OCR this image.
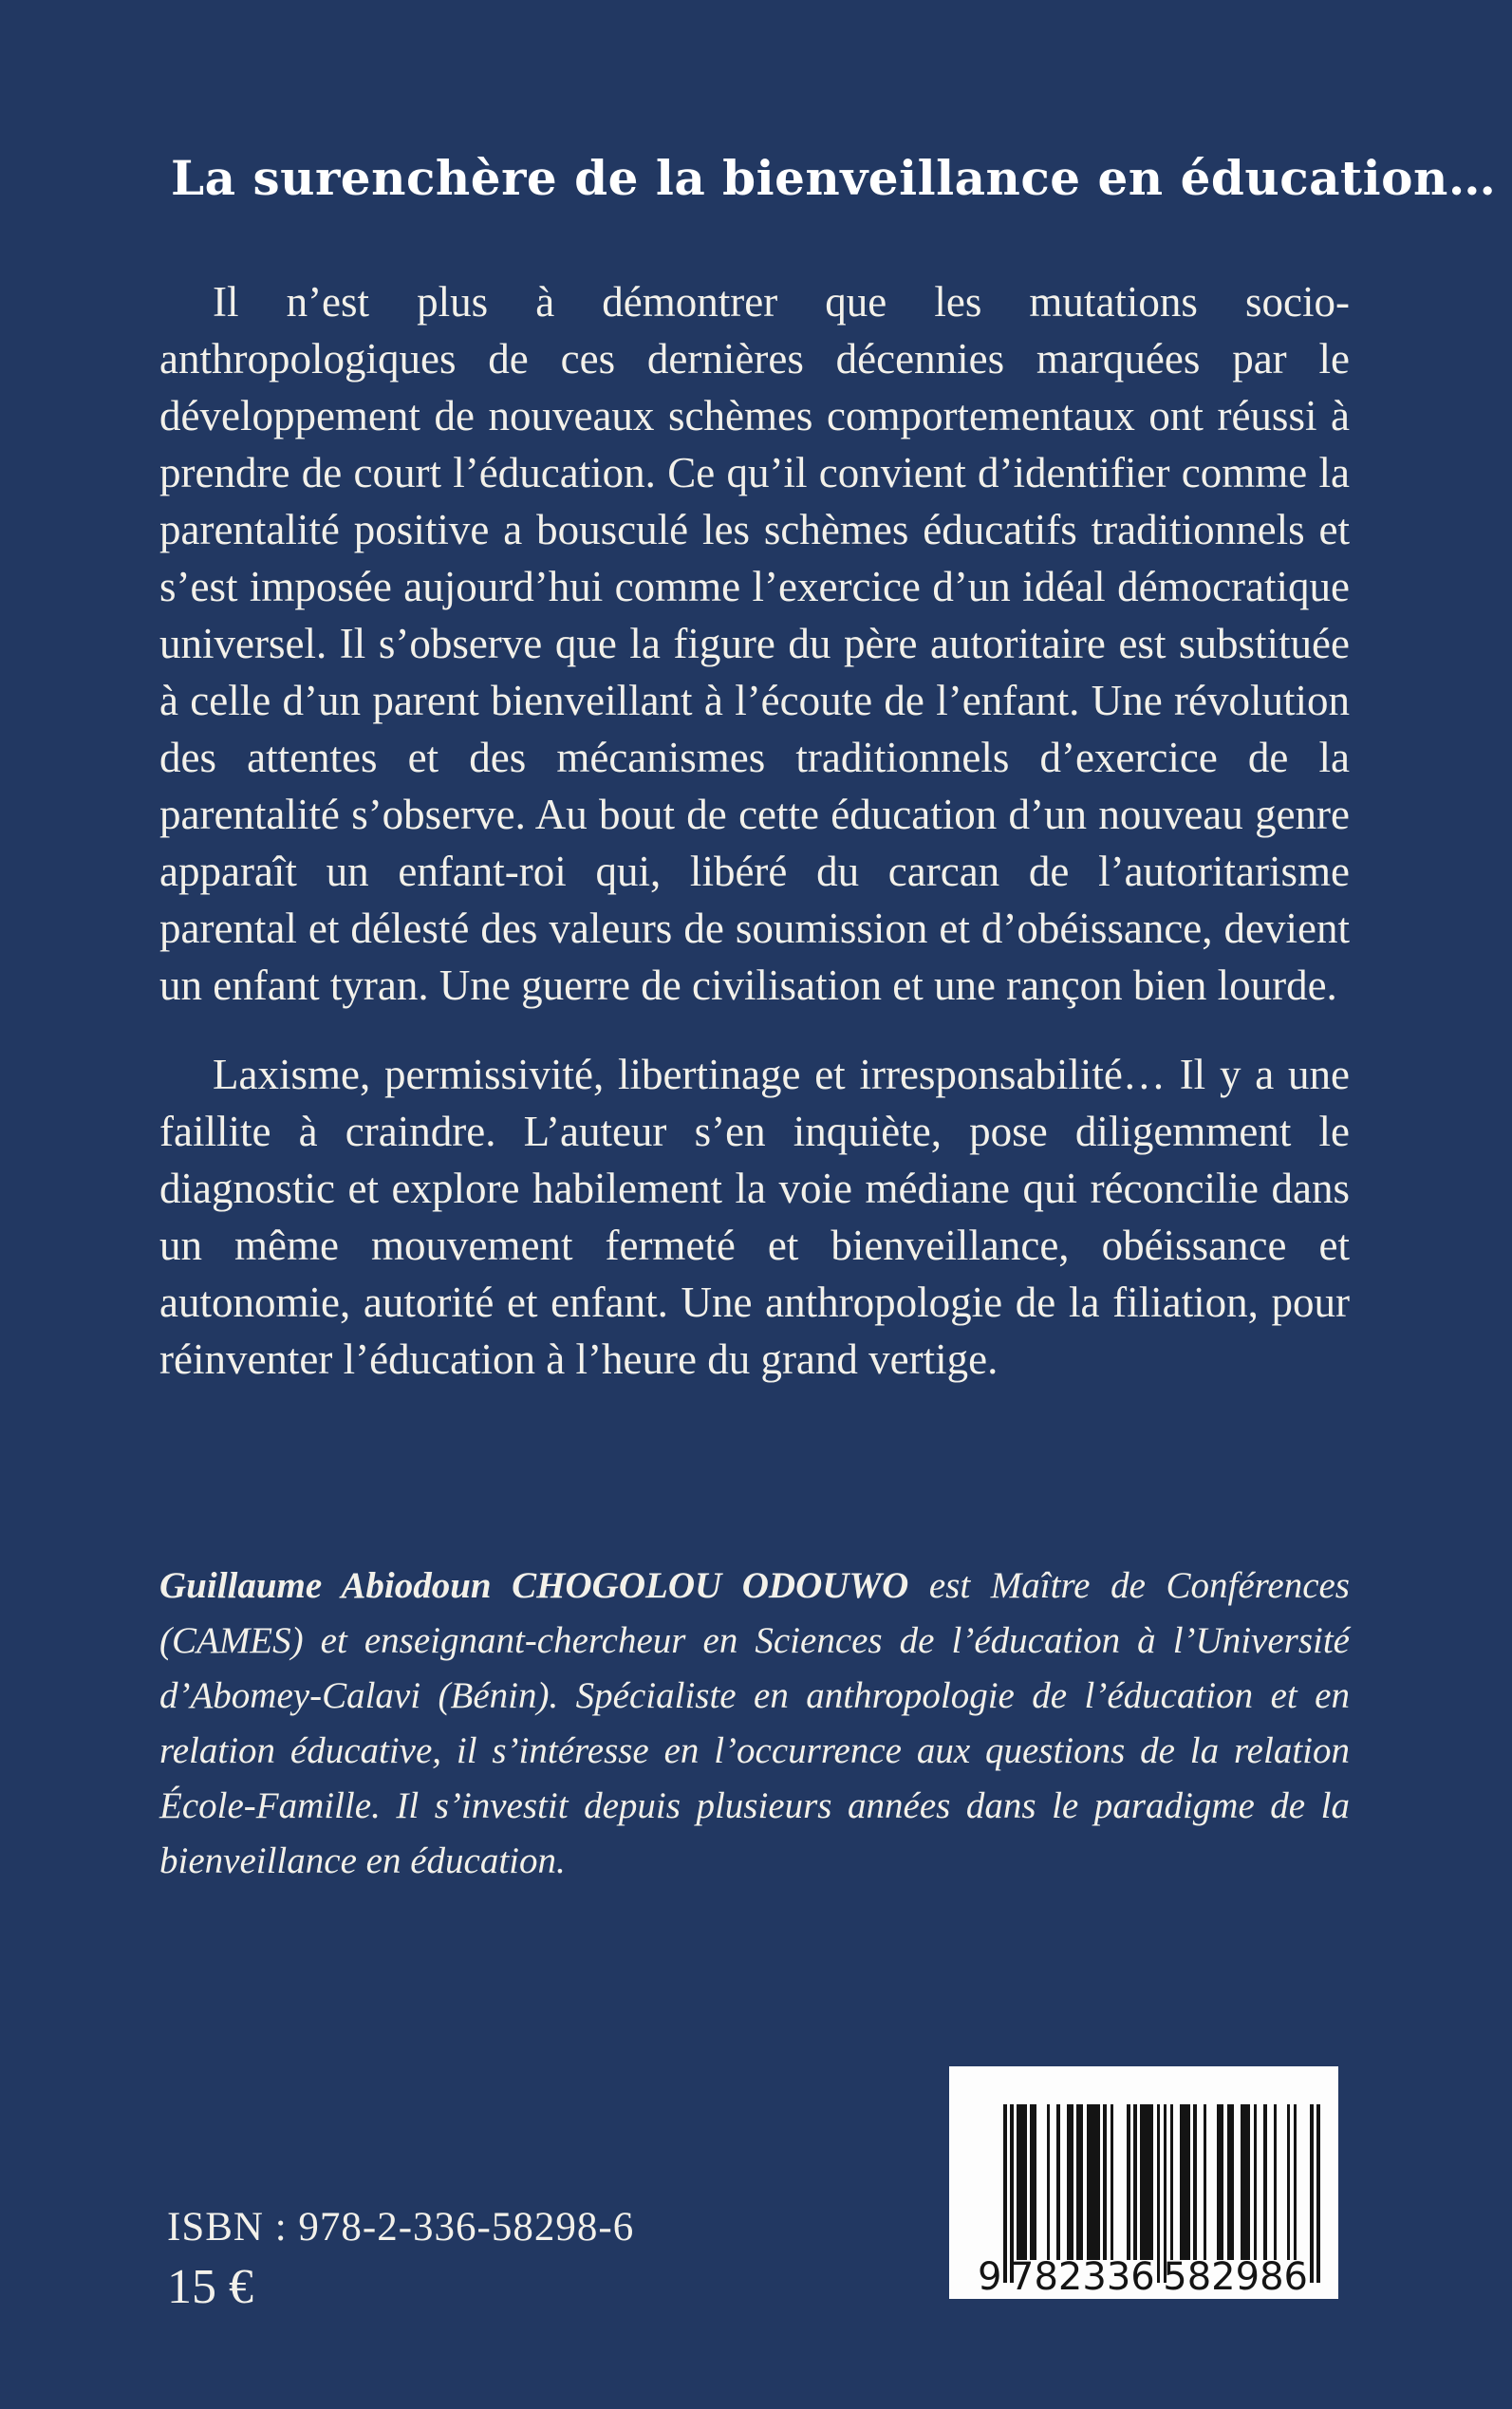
La surenchère de la bienveillance en éducation…

Il n’est plus à démontrer que les mutations socio-anthropologiques de ces dernières décennies marquées par le développement de nouveaux schèmes comportementaux ont réussi à prendre de court l’éducation. Ce qu’il convient d’identifier comme la parentalité positive a bousculé les schèmes éducatifs traditionnels et s’est imposée aujourd’hui comme l’exercice d’un idéal démocratique universel. Il s’observe que la figure du père autoritaire est substituée à celle d’un parent bienveillant à l’écoute de l’enfant. Une révolution des attentes et des mécanismes traditionnels d’exercice de la parentalité s’observe. Au bout de cette éducation d’un nouveau genre apparaît un enfant-roi qui, libéré du carcan de l’autoritarisme parental et délesté des valeurs de soumission et d’obéissance, devient un enfant tyran. Une guerre de civilisation et une rançon bien lourde.

Laxisme, permissivité, libertinage et irresponsabilité… Il y a une faillite à craindre. L’auteur s’en inquiète, pose diligemment le diagnostic et explore habilement la voie médiane qui réconcilie dans un même mouvement fermeté et bienveillance, obéissance et autonomie, autorité et enfant. Une anthropologie de la filiation, pour réinventer l’éducation à l’heure du grand vertige.

Guillaume Abiodoun CHOGOLOU ODOUWO est Maître de Conférences (CAMES) et enseignant-chercheur en Sciences de l’éducation à l’Université d’Abomey-Calavi (Bénin). Spécialiste en anthropologie de l’éducation et en relation éducative, il s’intéresse en l’occurrence aux questions de la relation École-Famille. Il s’investit depuis plusieurs années dans le paradigme de la bienveillance en éducation.

ISBN : 978-2-336-58298-6
15 €	9 782336 582986
